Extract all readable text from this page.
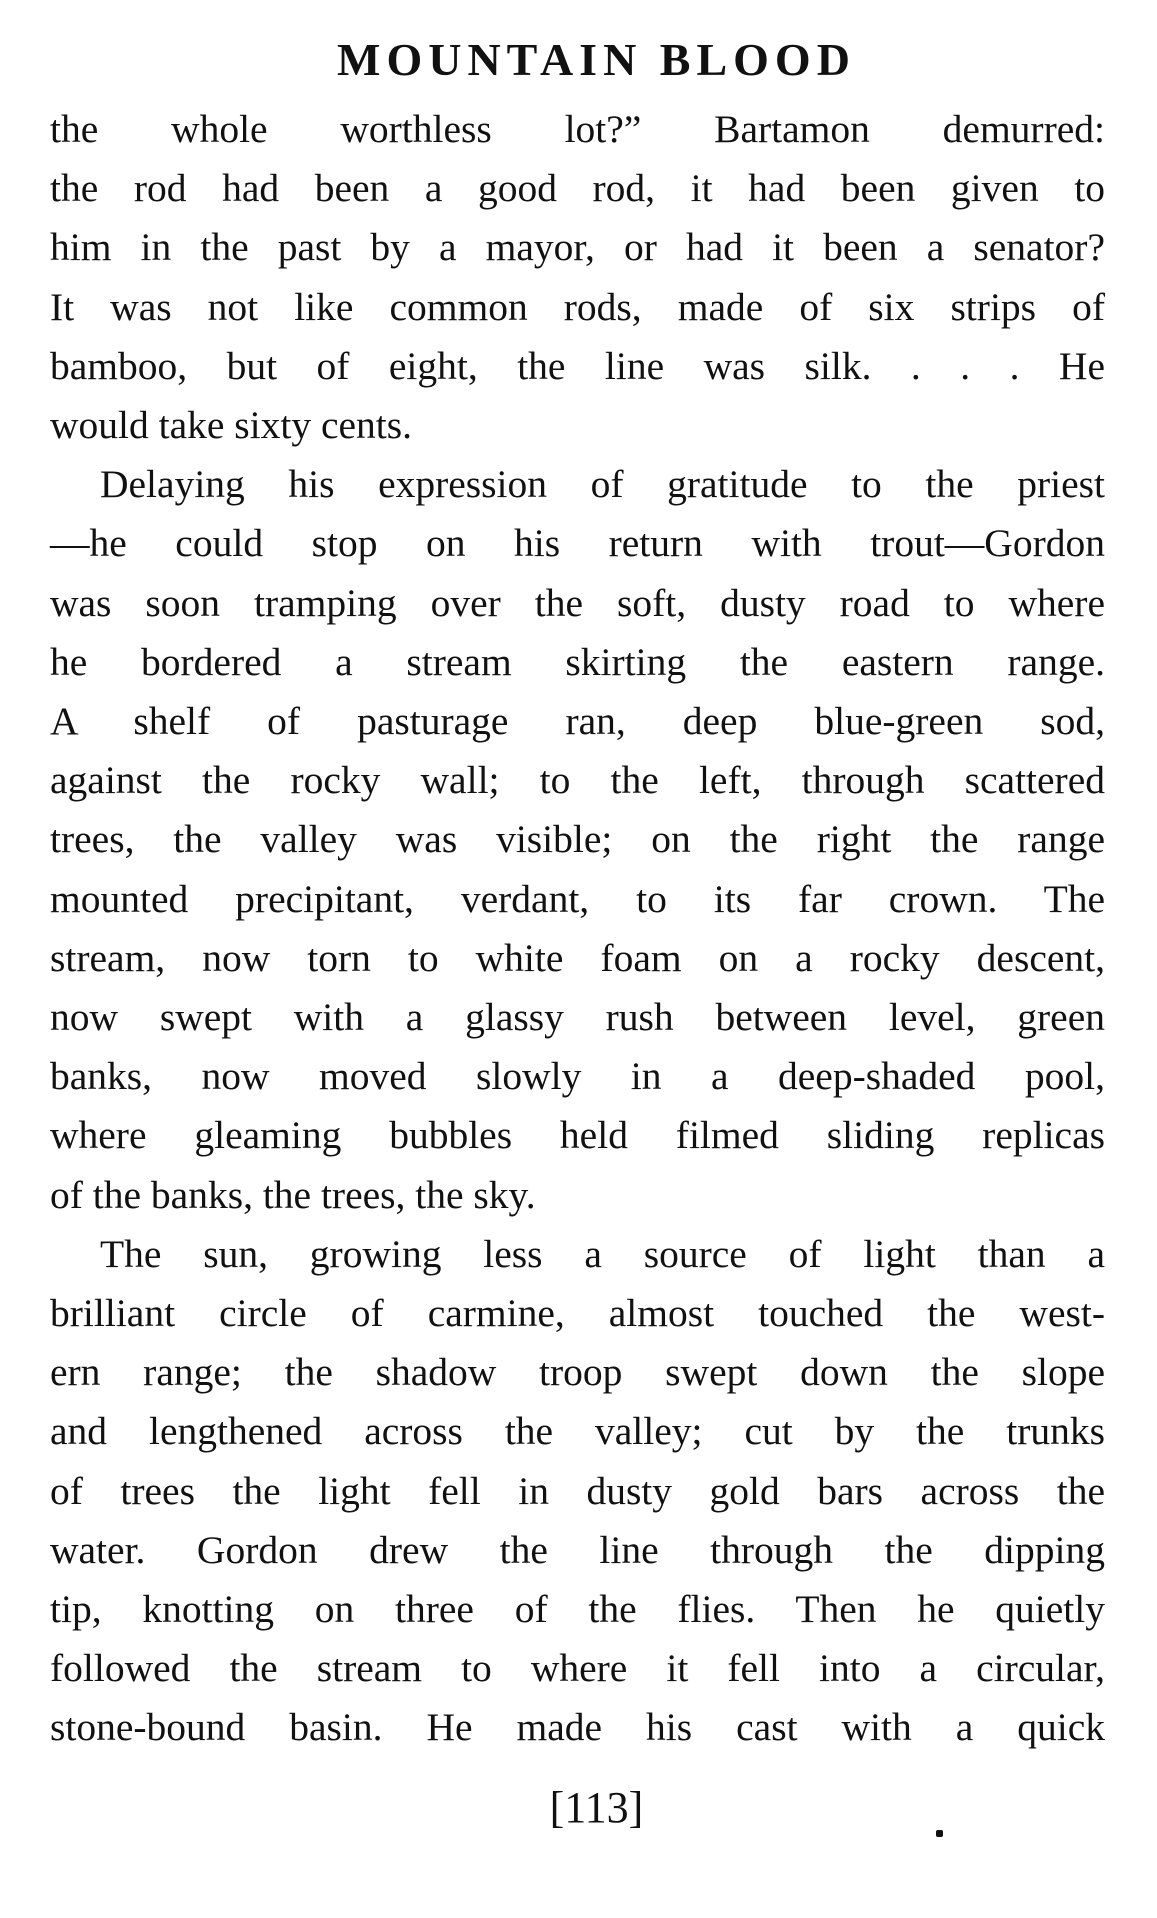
MOUNTAIN BLOOD

the whole worthless lot?” Bartamon demurred:
the rod had been a good rod, it had been given to
him in the past by a mayor, or had it been a senator?
It was not like common rods, made of six strips of
bamboo, but of eight, the line was silk. . . . He
would take sixty cents.

Delaying his expression of gratitude to the priest
—he could stop on his return with trout—Gordon
was soon tramping over the soft, dusty road to where
he bordered a stream skirting the eastern range.
A shelf of pasturage ran, deep blue-green sod,
against the rocky wall; to the left, through scattered
trees, the valley was visible; on the right the range
mounted precipitant, verdant, to its far crown. The
stream, now torn to white foam on a rocky descent,
now swept with a glassy rush between level, green
banks, now moved slowly in a deep-shaded pool,
where gleaming bubbles held filmed sliding replicas
of the banks, the trees, the sky.

The sun, growing less a source of light than a
brilliant circle of carmine, almost touched the west-
ern range; the shadow troop swept down the slope
and lengthened across the valley; cut by the trunks
of trees the light fell in dusty gold bars across the
water. Gordon drew the line through the dipping
tip, knotting on three of the flies. Then he quietly
followed the stream to where it fell into a circular,
stone-bound basin. He made his cast with a quick

[113]
